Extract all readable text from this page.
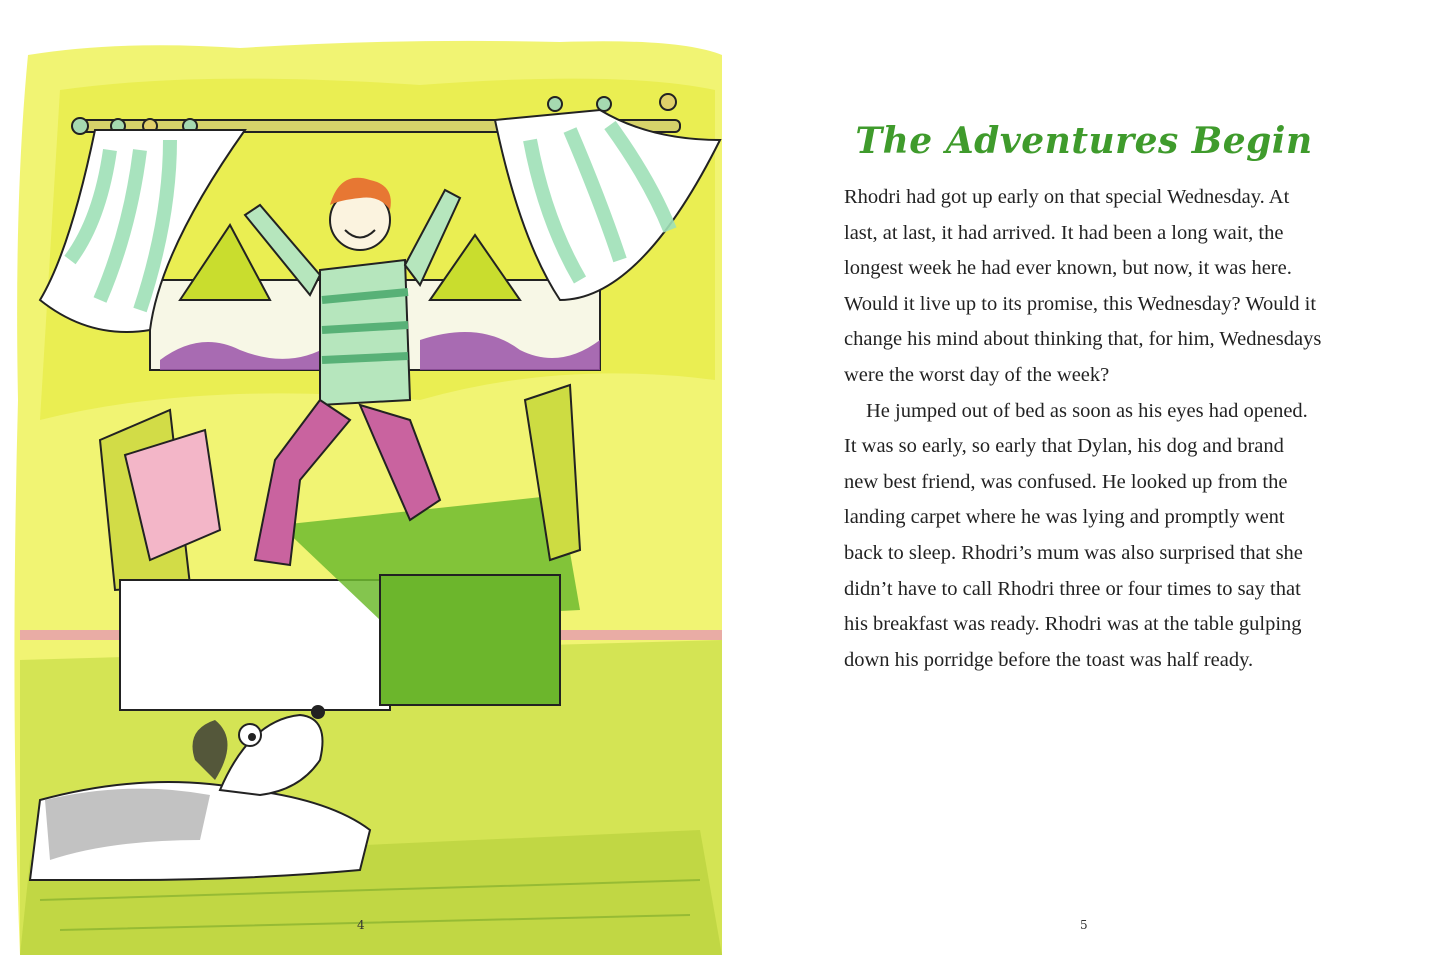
4
The Adventures Begin

Rhodri had got up early on that special Wednesday. At last, at last, it had arrived. It had been a long wait, the longest week he had ever known, but now, it was here. Would it live up to its promise, this Wednesday? Would it change his mind about thinking that, for him, Wednesdays were the worst day of the week?

He jumped out of bed as soon as his eyes had opened. It was so early, so early that Dylan, his dog and brand new best friend, was confused. He looked up from the landing carpet where he was lying and promptly went back to sleep. Rhodri’s mum was also surprised that she didn’t have to call Rhodri three or four times to say that his breakfast was ready. Rhodri was at the table gulping down his porridge before the toast was half ready.

5
